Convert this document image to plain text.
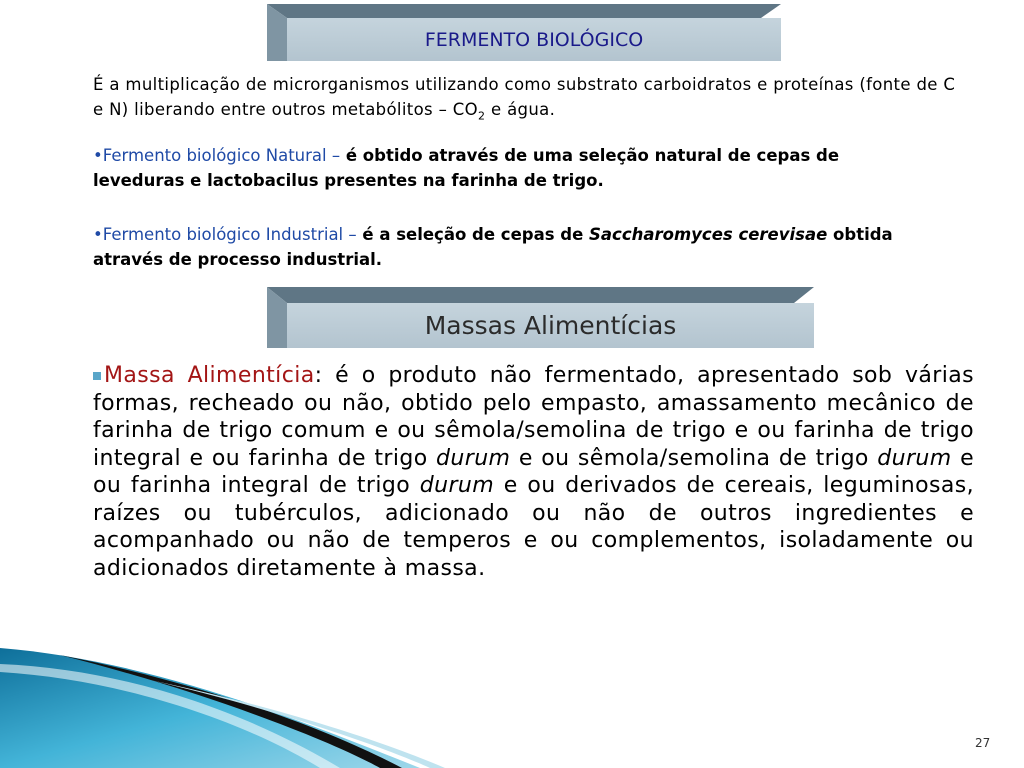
FERMENTO BIOLÓGICO
É a multiplicação de microrganismos utilizando como substrato carboidratos e proteínas (fonte de C e N) liberando entre outros metabólitos – $CO_2$ e água.
•Fermento biológico Natural – é obtido através de uma seleção natural de cepas de leveduras e lactobacilus presentes na farinha de trigo.
•Fermento biológico Industrial – é a seleção de cepas de Saccharomyces cerevisae obtida através de processo industrial.
Massas Alimentícias
Massa Alimentícia: é o produto não fermentado, apresentado sob várias formas, recheado ou não, obtido pelo empasto, amassamento mecânico de farinha de trigo comum e ou sêmola/semolina de trigo e ou farinha de trigo integral e ou farinha de trigo durum e ou sêmola/semolina de trigo durum e ou farinha integral de trigo durum e ou derivados de cereais, leguminosas, raízes ou tubérculos, adicionado ou não de outros ingredientes e acompanhado ou não de temperos e ou complementos, isoladamente ou adicionados diretamente à massa.
27
